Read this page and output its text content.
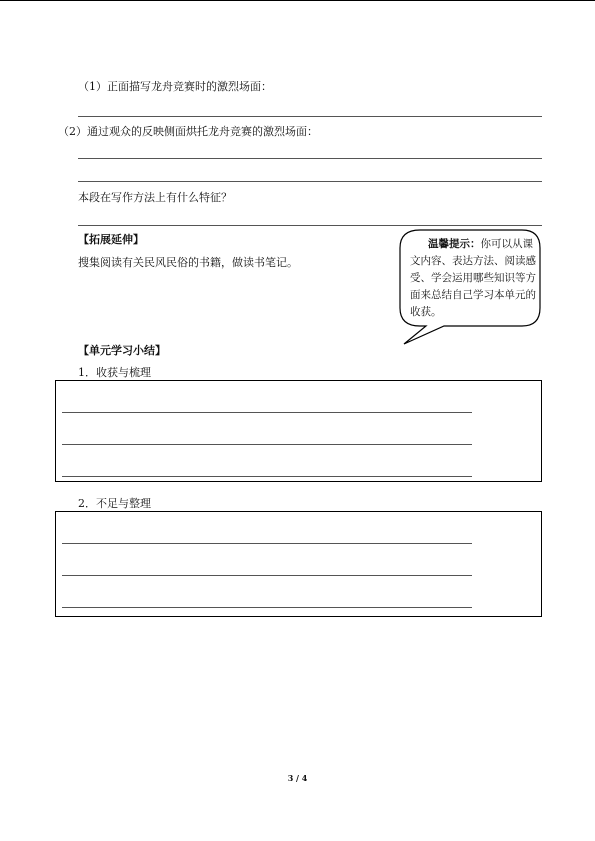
（1）正面描写龙舟竞赛时的激烈场面：
（2）通过观众的反映侧面烘托龙舟竞赛的激烈场面：
本段在写作方法上有什么特征？
【拓展延伸】
搜集阅读有关民风民俗的书籍，做读书笔记。
温馨提示：你可以从课文内容、表达方法、阅读感受、学会运用哪些知识等方面来总结自己学习本单元的收获。
【单元学习小结】
1．收获与梳理
2．不足与整理
3 / 4
